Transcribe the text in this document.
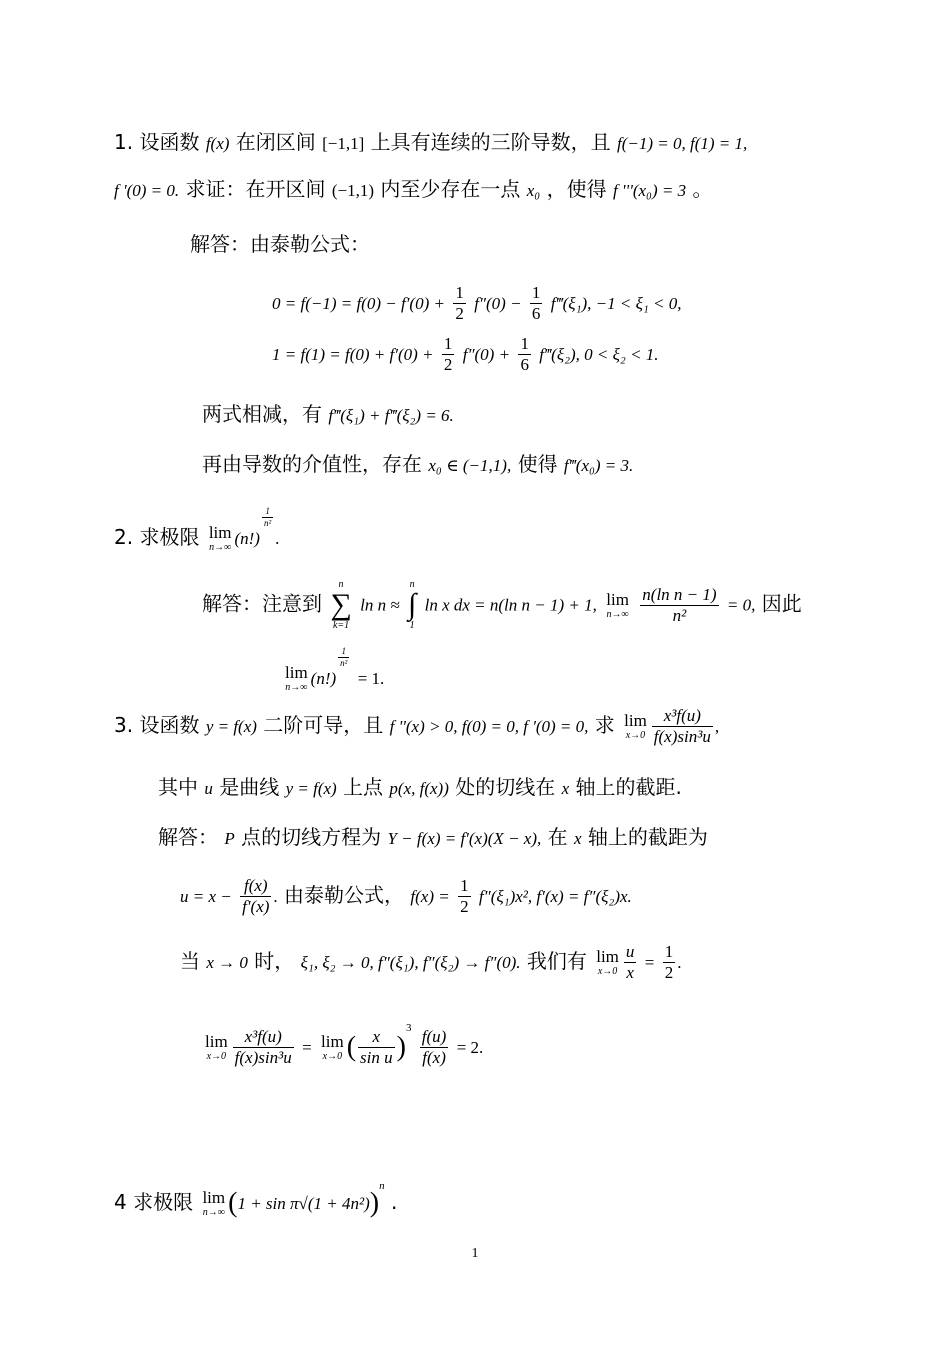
1. 设函数 f(x) 在闭区间 [−1,1] 上具有连续的三阶导数，且 f(−1) = 0, f(1) = 1,
f '(0) = 0. 求证：在开区间 (−1,1) 内至少存在一点 x₀ ，使得 f '''(x₀) = 3 。
解答：由泰勒公式：
$0 = f(-1) = f(0) - f'(0) + \frac{1}{2} f''(0) - \frac{1}{6}$ f‴(ξ₁), −1 < ξ₁ < 0,
$1 = f(1) = f(0) + f'(0) + \frac{1}{2} f''(0) + \frac{1}{6}$ f‴(ξ₂), 0 < ξ₂ < 1.
两式相减，有 f‴(ξ₁) + f‴(ξ₂) = 6.
再由导数的介值性，存在 x₀ ∈ (−1,1), 使得 f‴(x₀) = 3.
2. 求极限 lim
n→∞ (n!)
$\frac{1}{\text{n²}}$
.
解答：注意到
n
∑
k=1
ln n ≈
n
∫
1
ln x dx = n(ln n − 1) + 1, lim
n→∞
$\frac{\text{n(ln n − 1)}}{\text{n²}} = 0$, 因此
lim
n→∞ (n!)
$\frac{1}{\text{n²}}$
= 1.
3. 设函数 y = f(x) 二阶可导，且 f ''(x) > 0, f(0) = 0, f '(0) = 0, 求 lim
$x\to 0 \frac{\text{x³f(u)}}{\text{f(x)sin³u}}$ ,
其中 u 是曲线 y = f(x) 上点 p(x, f(x)) 处的切线在 x 轴上的截距.
解答： P 点的切线方程为 Y − f(x) = f′(x)(X − x), 在 x 轴上的截距为
$u = x - \frac{f(x)}{f'(x)}$ . 由泰勒公式， $f(x) = \frac{1}{2} f''(\xi_1)x^2$, f′(x) = f″(ξ₂)x.
当 x → 0 时， ξ₁, ξ₂ → 0, f″(ξ₁), f″(ξ₂) → f″(0). 我们有 lim
$x\to 0 \frac{u}{x} = \frac{1}{2}$ .
lim
$x\to 0 \frac{\text{x³f(u)}}{\text{f(x)sin³u}} = \lim$
x→0 ( $\frac{x}{\text{sin u}} )^3 \frac{f(u)}{f(x)} = 2$.
4 求极限 lim
n→∞ $(1 + \sin \pi√(1 + 4n^2))^n$ .
1
